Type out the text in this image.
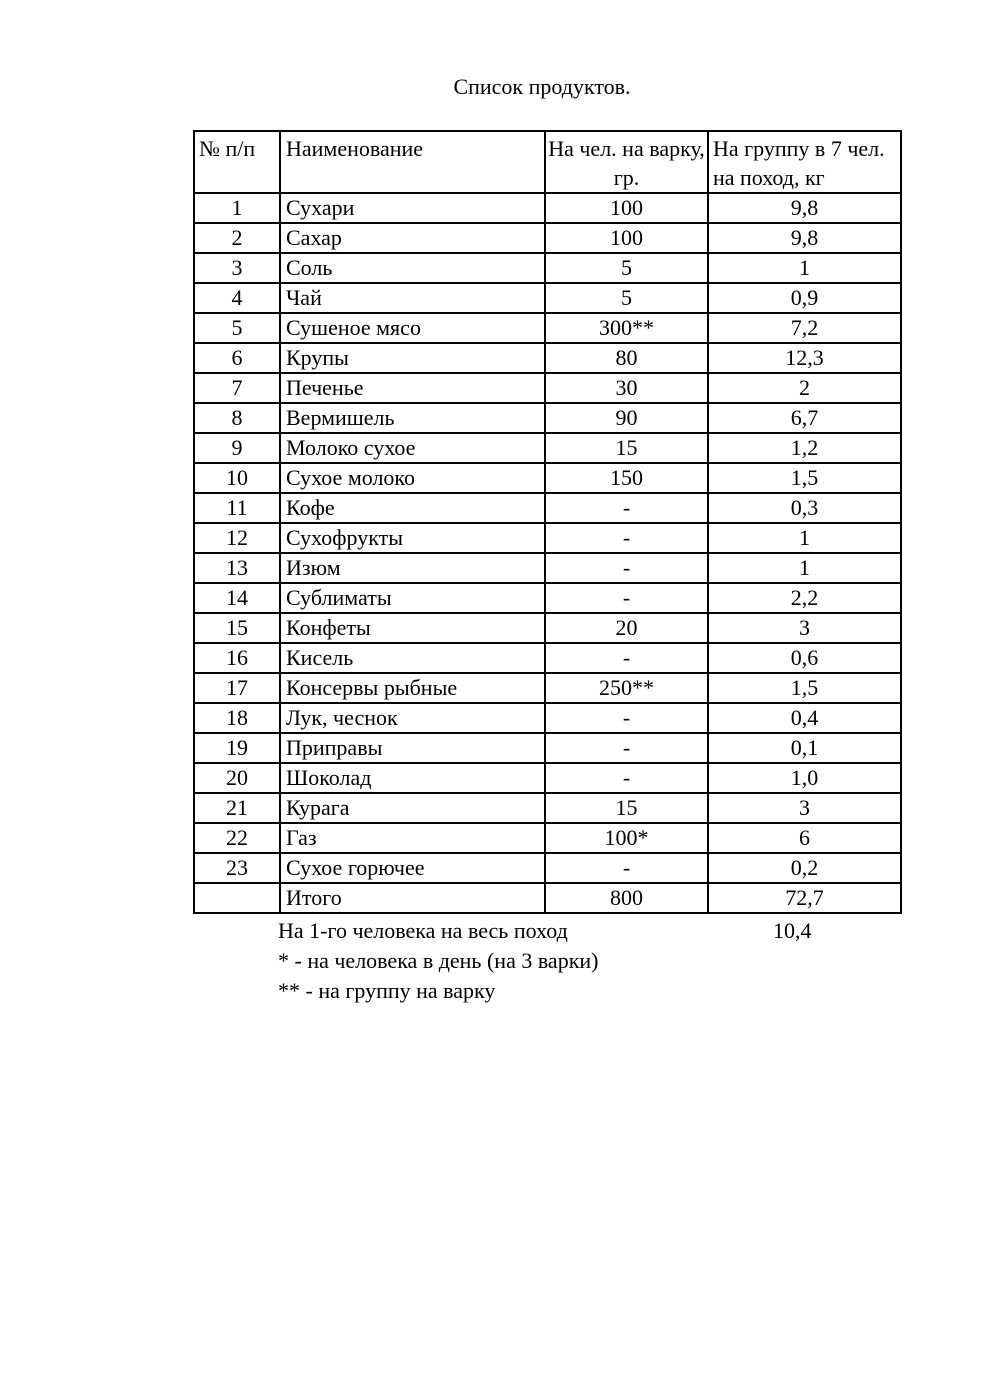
Список продуктов.
№ п/п	Наименование	На чел. на варку, гр.	На группу в 7 чел. на поход, кг
1	Сухари	100	9,8
2	Сахар	100	9,8
3	Соль	5	1
4	Чай	5	0,9
5	Сушеное мясо	300**	7,2
6	Крупы	80	12,3
7	Печенье	30	2
8	Вермишель	90	6,7
9	Молоко сухое	15	1,2
10	Сухое молоко	150	1,5
11	Кофе	-	0,3
12	Сухофрукты	-	1
13	Изюм	-	1
14	Сублиматы	-	2,2
15	Конфеты	20	3
16	Кисель	-	0,6
17	Консервы рыбные	250**	1,5
18	Лук, чеснок	-	0,4
19	Приправы	-	0,1
20	Шоколад	-	1,0
21	Курага	15	3
22	Газ	100*	6
23	Сухое горючее	-	0,2
	Итого	800	72,7
На 1-го человека на весь поход	10,4
* - на человека в день (на 3 варки)
** - на группу на варку
